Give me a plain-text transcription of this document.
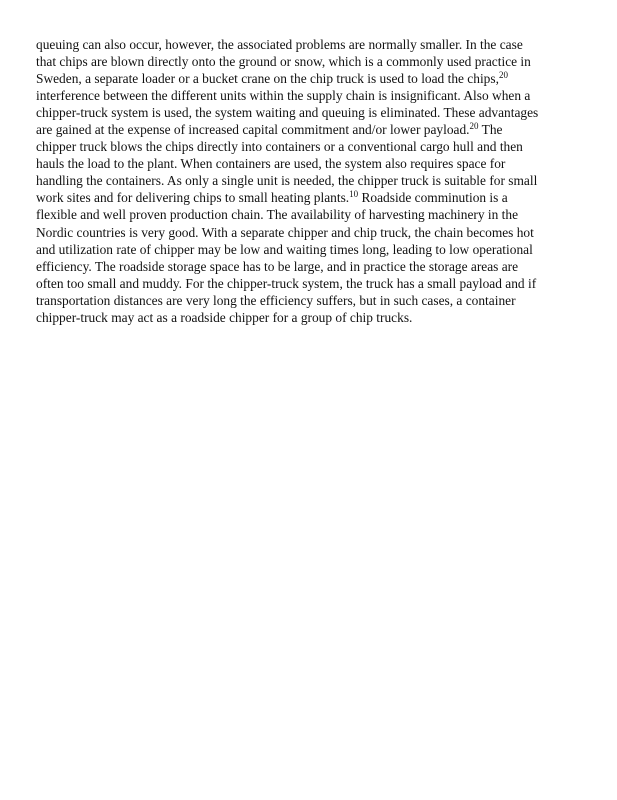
queuing can also occur, however, the associated problems are normally smaller. In the case
that chips are blown directly onto the ground or snow, which is a commonly used practice in
Sweden, a separate loader or a bucket crane on the chip truck is used to load the chips,$^{20}$
interference between the different units within the supply chain is insignificant. Also when a
chipper-truck system is used, the system waiting and queuing is eliminated. These advantages
are gained at the expense of increased capital commitment and/or lower payload.$^{20}$ The
chipper truck blows the chips directly into containers or a conventional cargo hull and then
hauls the load to the plant. When containers are used, the system also requires space for
handling the containers. As only a single unit is needed, the chipper truck is suitable for small
work sites and for delivering chips to small heating plants.$^{10}$ Roadside comminution is a
flexible and well proven production chain. The availability of harvesting machinery in the
Nordic countries is very good. With a separate chipper and chip truck, the chain becomes hot
and utilization rate of chipper may be low and waiting times long, leading to low operational
efficiency. The roadside storage space has to be large, and in practice the storage areas are
often too small and muddy. For the chipper-truck system, the truck has a small payload and if
transportation distances are very long the efficiency suffers, but in such cases, a container
chipper-truck may act as a roadside chipper for a group of chip trucks.
